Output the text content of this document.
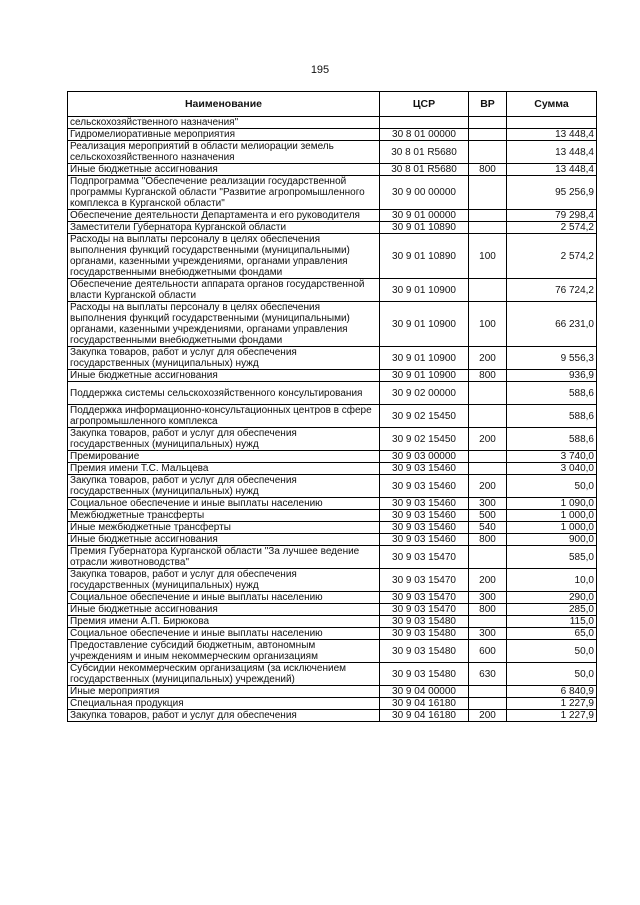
195
Наименование	ЦСР	ВР	Сумма
сельскохозяйственного назначения"			
Гидромелиоративные мероприятия	30 8 01 00000		13 448,4
Реализация мероприятий в области мелиорации земель сельскохозяйственного назначения	30 8 01 R5680		13 448,4
Иные бюджетные ассигнования	30 8 01 R5680	800	13 448,4
Подпрограмма "Обеспечение реализации государственной программы Курганской области "Развитие агропромышленного комплекса в Курганской области"	30 9 00 00000		95 256,9
Обеспечение деятельности Департамента и его руководителя	30 9 01 00000		79 298,4
Заместители Губернатора Курганской области	30 9 01 10890		2 574,2
Расходы на выплаты персоналу в целях обеспечения выполнения функций государственными (муниципальными) органами, казенными учреждениями, органами управления государственными внебюджетными фондами	30 9 01 10890	100	2 574,2
Обеспечение деятельности аппарата органов государственной власти Курганской области	30 9 01 10900		76 724,2
Расходы на выплаты персоналу в целях обеспечения выполнения функций государственными (муниципальными) органами, казенными учреждениями, органами управления государственными внебюджетными фондами	30 9 01 10900	100	66 231,0
Закупка товаров, работ и услуг для обеспечения государственных (муниципальных) нужд	30 9 01 10900	200	9 556,3
Иные бюджетные ассигнования	30 9 01 10900	800	936,9
Поддержка системы сельскохозяйственного консультирования	30 9 02 00000		588,6
Поддержка информационно-консультационных центров в сфере агропромышленного комплекса	30 9 02 15450		588,6
Закупка товаров, работ и услуг для обеспечения государственных (муниципальных) нужд	30 9 02 15450	200	588,6
Премирование	30 9 03 00000		3 740,0
Премия имени Т.С. Мальцева	30 9 03 15460		3 040,0
Закупка товаров, работ и услуг для обеспечения государственных (муниципальных) нужд	30 9 03 15460	200	50,0
Социальное обеспечение и иные выплаты населению	30 9 03 15460	300	1 090,0
Межбюджетные трансферты	30 9 03 15460	500	1 000,0
Иные межбюджетные трансферты	30 9 03 15460	540	1 000,0
Иные бюджетные ассигнования	30 9 03 15460	800	900,0
Премия Губернатора Курганской области "За лучшее ведение отрасли животноводства"	30 9 03 15470		585,0
Закупка товаров, работ и услуг для обеспечения государственных (муниципальных) нужд	30 9 03 15470	200	10,0
Социальное обеспечение и иные выплаты населению	30 9 03 15470	300	290,0
Иные бюджетные ассигнования	30 9 03 15470	800	285,0
Премия имени А.П. Бирюкова	30 9 03 15480		115,0
Социальное обеспечение и иные выплаты населению	30 9 03 15480	300	65,0
Предоставление субсидий бюджетным, автономным учреждениям и иным некоммерческим организациям	30 9 03 15480	600	50,0
Субсидии некоммерческим организациям (за исключением государственных (муниципальных) учреждений)	30 9 03 15480	630	50,0
Иные мероприятия	30 9 04 00000		6 840,9
Специальная продукция	30 9 04 16180		1 227,9
Закупка товаров, работ и услуг для обеспечения	30 9 04 16180	200	1 227,9
